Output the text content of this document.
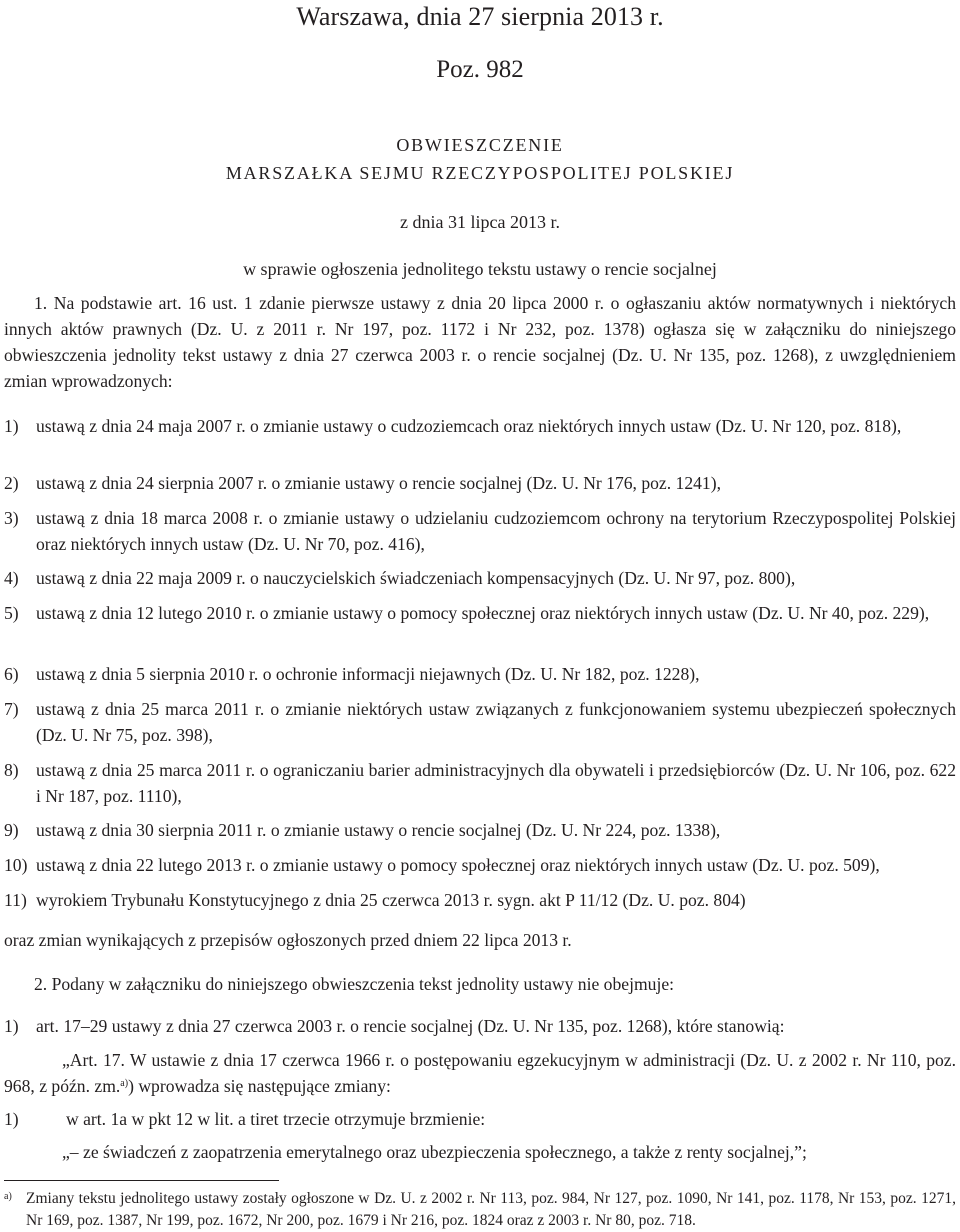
Warszawa, dnia 27 sierpnia 2013 r.
Poz. 982
OBWIESZCZENIE
MARSZAŁKA SEJMU RZECZYPOSPOLITEJ POLSKIEJ
z dnia 31 lipca 2013 r.
w sprawie ogłoszenia jednolitego tekstu ustawy o rencie socjalnej
1. Na podstawie art. 16 ust. 1 zdanie pierwsze ustawy z dnia 20 lipca 2000 r. o ogłaszaniu aktów normatywnych i niektórych innych aktów prawnych (Dz. U. z 2011 r. Nr 197, poz. 1172 i Nr 232, poz. 1378) ogłasza się w załączniku do niniejszego obwieszczenia jednolity tekst ustawy z dnia 27 czerwca 2003 r. o rencie socjalnej (Dz. U. Nr 135, poz. 1268), z uwzględnieniem zmian wprowadzonych:
1) ustawą z dnia 24 maja 2007 r. o zmianie ustawy o cudzoziemcach oraz niektórych innych ustaw (Dz. U. Nr 120, poz. 818),
2) ustawą z dnia 24 sierpnia 2007 r. o zmianie ustawy o rencie socjalnej (Dz. U. Nr 176, poz. 1241),
3) ustawą z dnia 18 marca 2008 r. o zmianie ustawy o udzielaniu cudzoziemcom ochrony na terytorium Rzeczypospolitej Polskiej oraz niektórych innych ustaw (Dz. U. Nr 70, poz. 416),
4) ustawą z dnia 22 maja 2009 r. o nauczycielskich świadczeniach kompensacyjnych (Dz. U. Nr 97, poz. 800),
5) ustawą z dnia 12 lutego 2010 r. o zmianie ustawy o pomocy społecznej oraz niektórych innych ustaw (Dz. U. Nr 40, poz. 229),
6) ustawą z dnia 5 sierpnia 2010 r. o ochronie informacji niejawnych (Dz. U. Nr 182, poz. 1228),
7) ustawą z dnia 25 marca 2011 r. o zmianie niektórych ustaw związanych z funkcjonowaniem systemu ubezpieczeń społecznych (Dz. U. Nr 75, poz. 398),
8) ustawą z dnia 25 marca 2011 r. o ograniczaniu barier administracyjnych dla obywateli i przedsiębiorców (Dz. U. Nr 106, poz. 622 i Nr 187, poz. 1110),
9) ustawą z dnia 30 sierpnia 2011 r. o zmianie ustawy o rencie socjalnej (Dz. U. Nr 224, poz. 1338),
10) ustawą z dnia 22 lutego 2013 r. o zmianie ustawy o pomocy społecznej oraz niektórych innych ustaw (Dz. U. poz. 509),
11) wyrokiem Trybunału Konstytucyjnego z dnia 25 czerwca 2013 r. sygn. akt P 11/12 (Dz. U. poz. 804)
oraz zmian wynikających z przepisów ogłoszonych przed dniem 22 lipca 2013 r.
2. Podany w załączniku do niniejszego obwieszczenia tekst jednolity ustawy nie obejmuje:
1) art. 17–29 ustawy z dnia 27 czerwca 2003 r. o rencie socjalnej (Dz. U. Nr 135, poz. 1268), które stanowią:
„Art. 17. W ustawie z dnia 17 czerwca 1966 r. o postępowaniu egzekucyjnym w administracji (Dz. U. z 2002 r. Nr 110, poz. 968, z późn. zm.$^{a)}$) wprowadza się następujące zmiany:
1)	w art. 1a w pkt 12 w lit. a tiret trzecie otrzymuje brzmienie:
„– ze świadczeń z zaopatrzenia emerytalnego oraz ubezpieczenia społecznego, a także z renty socjalnej,”;
a) Zmiany tekstu jednolitego ustawy zostały ogłoszone w Dz. U. z 2002 r. Nr 113, poz. 984, Nr 127, poz. 1090, Nr 141, poz. 1178, Nr 153, poz. 1271, Nr 169, poz. 1387, Nr 199, poz. 1672, Nr 200, poz. 1679 i Nr 216, poz. 1824 oraz z 2003 r. Nr 80, poz. 718.
